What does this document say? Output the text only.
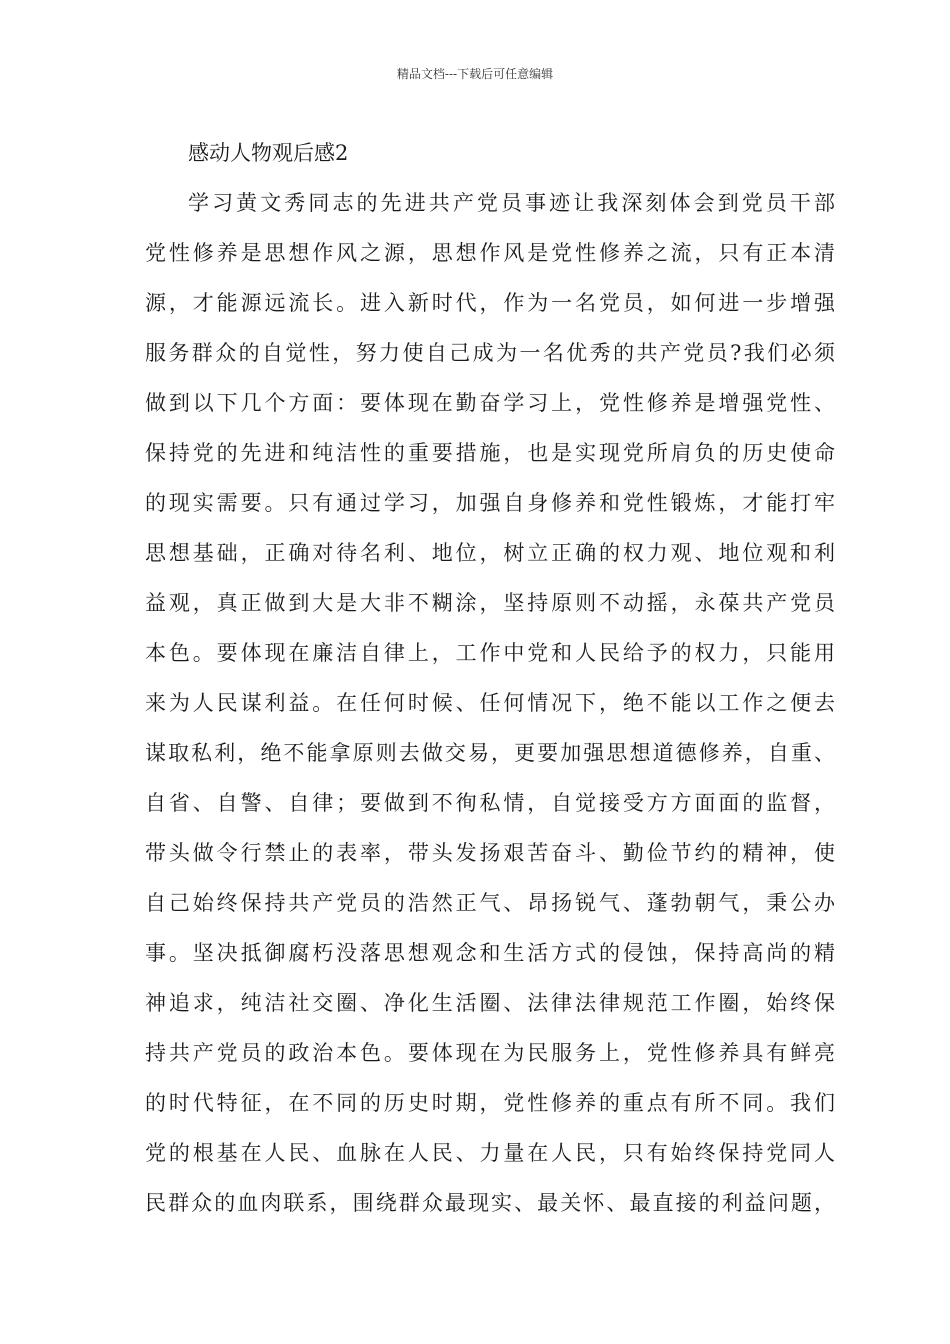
精品文档---下载后可任意编辑
感动人物观后感2
学习黄文秀同志的先进共产党员事迹让我深刻体会到党员干部
党性修养是思想作风之源，思想作风是党性修养之流，只有正本清
源，才能源远流长。进入新时代，作为一名党员，如何进一步增强
服务群众的自觉性，努力使自己成为一名优秀的共产党员?我们必须
做到以下几个方面：要体现在勤奋学习上，党性修养是增强党性、
保持党的先进和纯洁性的重要措施，也是实现党所肩负的历史使命
的现实需要。只有通过学习，加强自身修养和党性锻炼，才能打牢
思想基础，正确对待名利、地位，树立正确的权力观、地位观和利
益观，真正做到大是大非不糊涂，坚持原则不动摇，永葆共产党员
本色。要体现在廉洁自律上，工作中党和人民给予的权力，只能用
来为人民谋利益。在任何时候、任何情况下，绝不能以工作之便去
谋取私利，绝不能拿原则去做交易，更要加强思想道德修养，自重、
自省、自警、自律；要做到不徇私情，自觉接受方方面面的监督，
带头做令行禁止的表率，带头发扬艰苦奋斗、勤俭节约的精神，使
自己始终保持共产党员的浩然正气、昂扬锐气、蓬勃朝气，秉公办
事。坚决抵御腐朽没落思想观念和生活方式的侵蚀，保持高尚的精
神追求，纯洁社交圈、净化生活圈、法律法律规范工作圈，始终保
持共产党员的政治本色。要体现在为民服务上，党性修养具有鲜亮
的时代特征，在不同的历史时期，党性修养的重点有所不同。我们
党的根基在人民、血脉在人民、力量在人民，只有始终保持党同人
民群众的血肉联系，围绕群众最现实、最关怀、最直接的利益问题，
